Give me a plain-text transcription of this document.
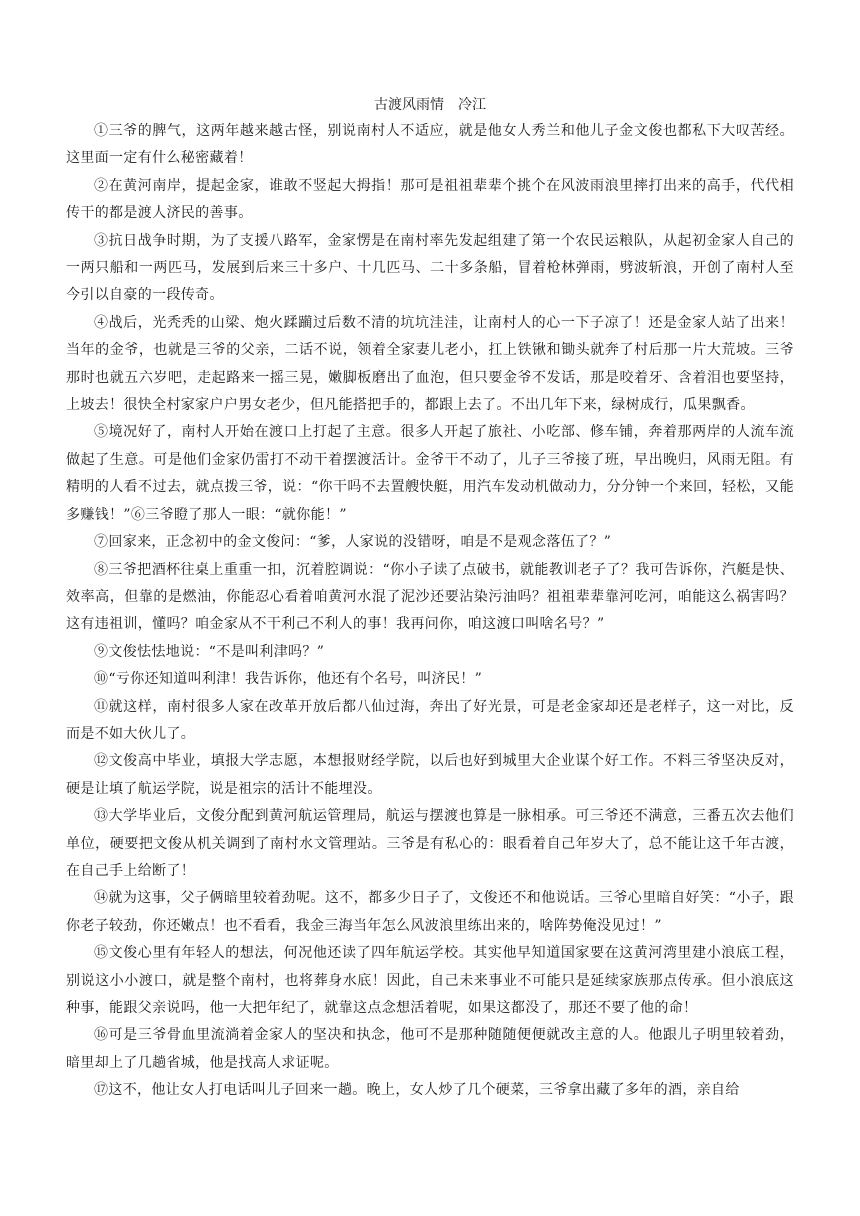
古渡风雨情　冷江

①三爷的脾气，这两年越来越古怪，别说南村人不适应，就是他女人秀兰和他儿子金文俊也都私下大叹苦经。这里面一定有什么秘密藏着！

②在黄河南岸，提起金家，谁敢不竖起大拇指！那可是祖祖辈辈个挑个在风波雨浪里摔打出来的高手，代代相传干的都是渡人济民的善事。

③抗日战争时期，为了支援八路军，金家愣是在南村率先发起组建了第一个农民运粮队，从起初金家人自己的一两只船和一两匹马，发展到后来三十多户、十几匹马、二十多条船，冒着枪林弹雨，劈波斩浪，开创了南村人至今引以自豪的一段传奇。

④战后，光秃秃的山梁、炮火蹂躏过后数不清的坑坑洼洼，让南村人的心一下子凉了！还是金家人站了出来！当年的金爷，也就是三爷的父亲，二话不说，领着全家妻儿老小，扛上铁锹和锄头就奔了村后那一片大荒坡。三爷那时也就五六岁吧，走起路来一摇三晃，嫩脚板磨出了血泡，但只要金爷不发话，那是咬着牙、含着泪也要坚持，上坡去！很快全村家家户户男女老少，但凡能搭把手的，都跟上去了。不出几年下来，绿树成行，瓜果飘香。

⑤境况好了，南村人开始在渡口上打起了主意。很多人开起了旅社、小吃部、修车铺，奔着那两岸的人流车流做起了生意。可是他们金家仍雷打不动干着摆渡活计。金爷干不动了，儿子三爷接了班，早出晚归，风雨无阻。有精明的人看不过去，就点拨三爷，说：“你干吗不去置艘快艇，用汽车发动机做动力，分分钟一个来回，轻松，又能多赚钱！”⑥三爷瞪了那人一眼：“就你能！”

⑦回家来，正念初中的金文俊问：“爹，人家说的没错呀，咱是不是观念落伍了？”

⑧三爷把酒杯往桌上重重一扣，沉着腔调说：“你小子读了点破书，就能教训老子了？我可告诉你，汽艇是快、效率高，但靠的是燃油，你能忍心看着咱黄河水混了泥沙还要沾染污油吗？祖祖辈辈靠河吃河，咱能这么祸害吗？这有违祖训，懂吗？咱金家从不干利己不利人的事！我再问你，咱这渡口叫啥名号？”

⑨文俊怯怯地说：“不是叫利津吗？”

⑩“亏你还知道叫利津！我告诉你，他还有个名号，叫济民！”

⑪就这样，南村很多人家在改革开放后都八仙过海，奔出了好光景，可是老金家却还是老样子，这一对比，反而是不如大伙儿了。

⑫文俊高中毕业，填报大学志愿，本想报财经学院，以后也好到城里大企业谋个好工作。不料三爷坚决反对，硬是让填了航运学院，说是祖宗的活计不能埋没。

⑬大学毕业后，文俊分配到黄河航运管理局，航运与摆渡也算是一脉相承。可三爷还不满意，三番五次去他们单位，硬要把文俊从机关调到了南村水文管理站。三爷是有私心的：眼看着自己年岁大了，总不能让这千年古渡，在自己手上给断了！

⑭就为这事，父子俩暗里较着劲呢。这不，都多少日子了，文俊还不和他说话。三爷心里暗自好笑：“小子，跟你老子较劲，你还嫩点！也不看看，我金三海当年怎么风波浪里练出来的，啥阵势俺没见过！”

⑮文俊心里有年轻人的想法，何况他还读了四年航运学校。其实他早知道国家要在这黄河湾里建小浪底工程，别说这小小渡口，就是整个南村，也将葬身水底！因此，自己未来事业不可能只是延续家族那点传承。但小浪底这种事，能跟父亲说吗，他一大把年纪了，就靠这点念想活着呢，如果这都没了，那还不要了他的命！

⑯可是三爷骨血里流淌着金家人的坚决和执念，他可不是那种随随便便就改主意的人。他跟儿子明里较着劲，暗里却上了几趟省城，他是找高人求证呢。

⑰这不，他让女人打电话叫儿子回来一趟。晚上，女人炒了几个硬菜，三爷拿出藏了多年的酒，亲自给
